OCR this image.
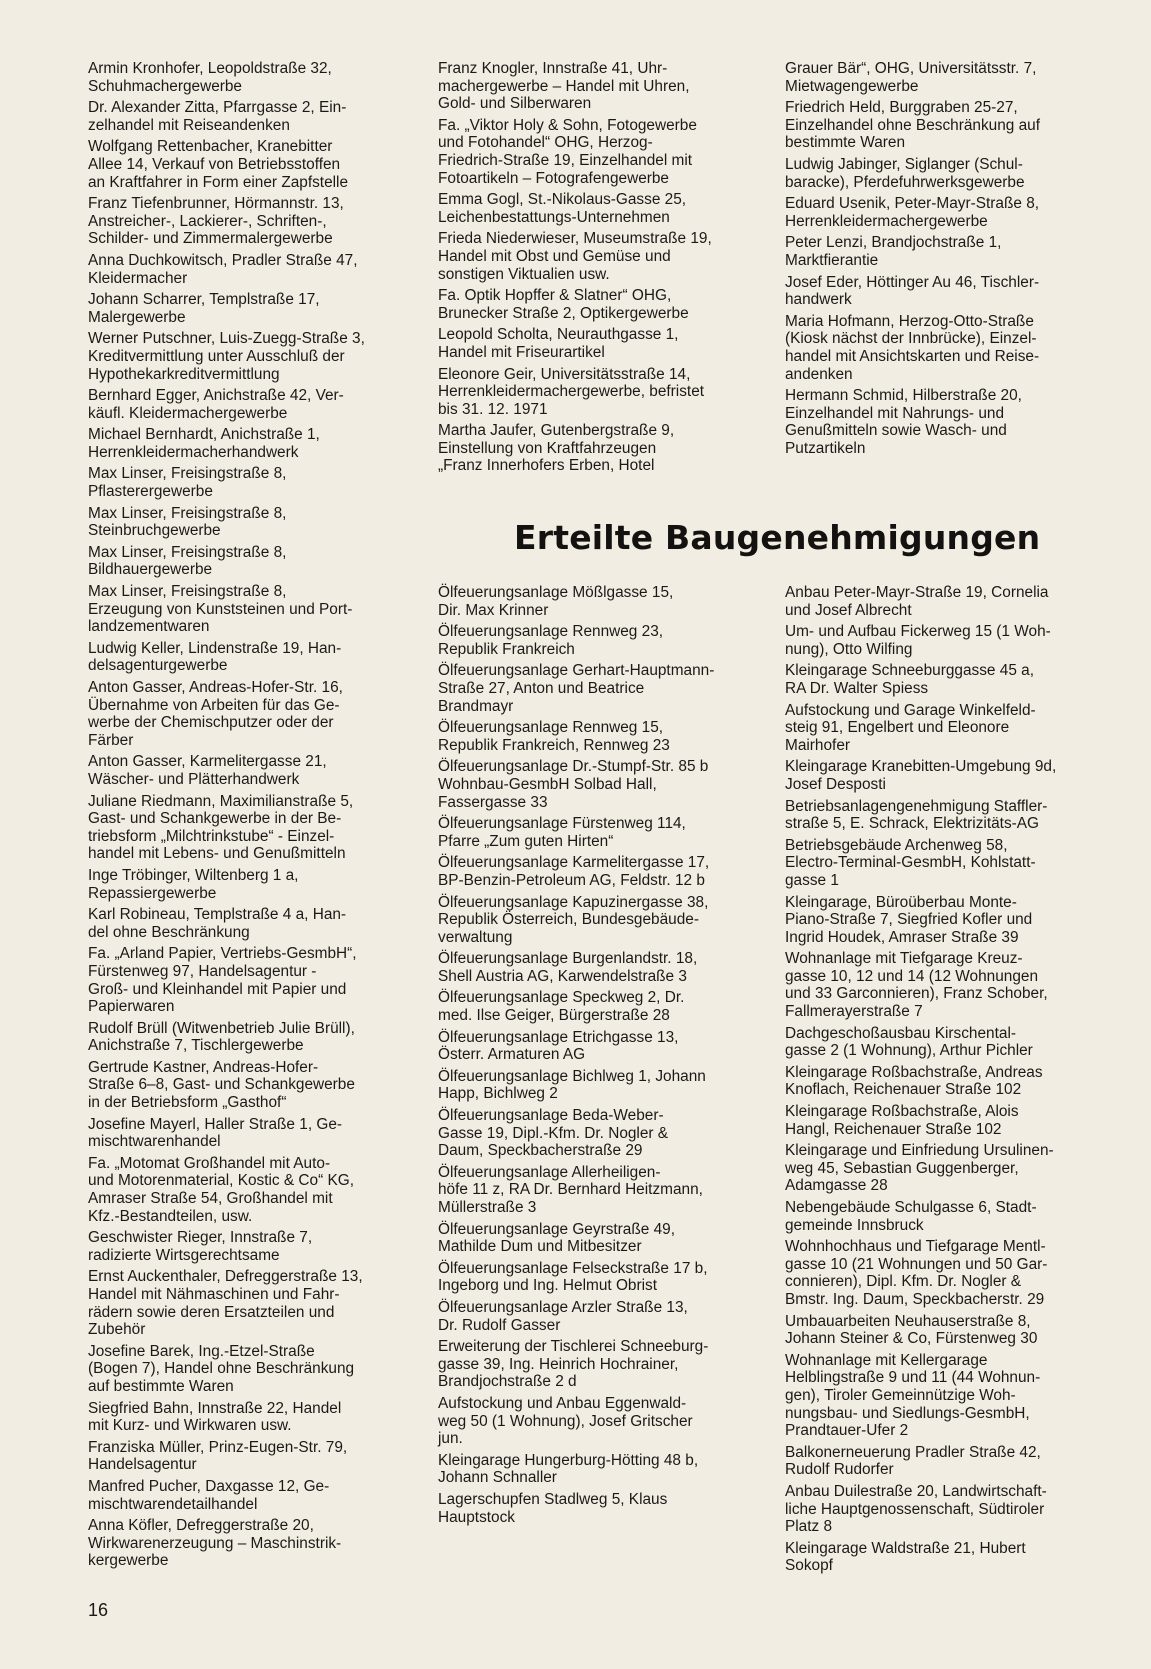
Armin Kronhofer, Leopoldstraße 32,
Schuhmachergewerbe
Dr. Alexander Zitta, Pfarrgasse 2, Ein-
zelhandel mit Reiseandenken
Wolfgang Rettenbacher, Kranebitter
Allee 14, Verkauf von Betriebsstoffen
an Kraftfahrer in Form einer Zapfstelle
Franz Tiefenbrunner, Hörmannstr. 13,
Anstreicher-, Lackierer-, Schriften-,
Schilder- und Zimmermalergewerbe
Anna Duchkowitsch, Pradler Straße 47,
Kleidermacher
Johann Scharrer, Templstraße 17,
Malergewerbe
Werner Putschner, Luis-Zuegg-Straße 3,
Kreditvermittlung unter Ausschluß der
Hypothekarkreditvermittlung
Bernhard Egger, Anichstraße 42, Ver-
käufl. Kleidermachergewerbe
Michael Bernhardt, Anichstraße 1,
Herrenkleidermacherhandwerk
Max Linser, Freisingstraße 8,
Pflasterergewerbe
Max Linser, Freisingstraße 8,
Steinbruchgewerbe
Max Linser, Freisingstraße 8,
Bildhauergewerbe
Max Linser, Freisingstraße 8,
Erzeugung von Kunststeinen und Port-
landzementwaren
Ludwig Keller, Lindenstraße 19, Han-
delsagenturgewerbe
Anton Gasser, Andreas-Hofer-Str. 16,
Übernahme von Arbeiten für das Ge-
werbe der Chemischputzer oder der
Färber
Anton Gasser, Karmelitergasse 21,
Wäscher- und Plätterhandwerk
Juliane Riedmann, Maximilianstraße 5,
Gast- und Schankgewerbe in der Be-
triebsform „Milchtrinkstube“ - Einzel-
handel mit Lebens- und Genußmitteln
Inge Tröbinger, Wiltenberg 1 a,
Repassiergewerbe
Karl Robineau, Templstraße 4 a, Han-
del ohne Beschränkung
Fa. „Arland Papier, Vertriebs-GesmbH“,
Fürstenweg 97, Handelsagentur -
Groß- und Kleinhandel mit Papier und
Papierwaren
Rudolf Brüll (Witwenbetrieb Julie Brüll),
Anichstraße 7, Tischlergewerbe
Gertrude Kastner, Andreas-Hofer-
Straße 6–8, Gast- und Schankgewerbe
in der Betriebsform „Gasthof“
Josefine Mayerl, Haller Straße 1, Ge-
mischtwarenhandel
Fa. „Motomat Großhandel mit Auto-
und Motorenmaterial, Kostic & Co“ KG,
Amraser Straße 54, Großhandel mit
Kfz.-Bestandteilen, usw.
Geschwister Rieger, Innstraße 7,
radizierte Wirtsgerechtsame
Ernst Auckenthaler, Defreggerstraße 13,
Handel mit Nähmaschinen und Fahr-
rädern sowie deren Ersatzteilen und
Zubehör
Josefine Barek, Ing.-Etzel-Straße
(Bogen 7), Handel ohne Beschränkung
auf bestimmte Waren
Siegfried Bahn, Innstraße 22, Handel
mit Kurz- und Wirkwaren usw.
Franziska Müller, Prinz-Eugen-Str. 79,
Handelsagentur
Manfred Pucher, Daxgasse 12, Ge-
mischtwarendetailhandel
Anna Köfler, Defreggerstraße 20,
Wirkwarenerzeugung – Maschinstrik-
kergewerbe
Franz Knogler, Innstraße 41, Uhr-
machergewerbe – Handel mit Uhren,
Gold- und Silberwaren
Fa. „Viktor Holy & Sohn, Fotogewerbe
und Fotohandel“ OHG, Herzog-
Friedrich-Straße 19, Einzelhandel mit
Fotoartikeln – Fotografengewerbe
Emma Gogl, St.-Nikolaus-Gasse 25,
Leichenbestattungs-Unternehmen
Frieda Niederwieser, Museumstraße 19,
Handel mit Obst und Gemüse und
sonstigen Viktualien usw.
Fa. Optik Hopffer & Slatner“ OHG,
Brunecker Straße 2, Optikergewerbe
Leopold Scholta, Neurauthgasse 1,
Handel mit Friseurartikel
Eleonore Geir, Universitätsstraße 14,
Herrenkleidermachergewerbe, befristet
bis 31. 12. 1971
Martha Jaufer, Gutenbergstraße 9,
Einstellung von Kraftfahrzeugen
„Franz Innerhofers Erben, Hotel
Grauer Bär“, OHG, Universitätsstr. 7,
Mietwagengewerbe
Friedrich Held, Burggraben 25-27,
Einzelhandel ohne Beschränkung auf
bestimmte Waren
Ludwig Jabinger, Siglanger (Schul-
baracke), Pferdefuhrwerksgewerbe
Eduard Usenik, Peter-Mayr-Straße 8,
Herrenkleidermachergewerbe
Peter Lenzi, Brandjochstraße 1,
Marktfierantie
Josef Eder, Höttinger Au 46, Tischler-
handwerk
Maria Hofmann, Herzog-Otto-Straße
(Kiosk nächst der Innbrücke), Einzel-
handel mit Ansichtskarten und Reise-
andenken
Hermann Schmid, Hilberstraße 20,
Einzelhandel mit Nahrungs- und
Genußmitteln sowie Wasch- und
Putzartikeln
Erteilte Baugenehmigungen
Ölfeuerungsanlage Mößlgasse 15,
Dir. Max Krinner
Ölfeuerungsanlage Rennweg 23,
Republik Frankreich
Ölfeuerungsanlage Gerhart-Hauptmann-
Straße 27, Anton und Beatrice
Brandmayr
Ölfeuerungsanlage Rennweg 15,
Republik Frankreich, Rennweg 23
Ölfeuerungsanlage Dr.-Stumpf-Str. 85 b
Wohnbau-GesmbH Solbad Hall,
Fassergasse 33
Ölfeuerungsanlage Fürstenweg 114,
Pfarre „Zum guten Hirten“
Ölfeuerungsanlage Karmelitergasse 17,
BP-Benzin-Petroleum AG, Feldstr. 12 b
Ölfeuerungsanlage Kapuzinergasse 38,
Republik Österreich, Bundesgebäude-
verwaltung
Ölfeuerungsanlage Burgenlandstr. 18,
Shell Austria AG, Karwendelstraße 3
Ölfeuerungsanlage Speckweg 2, Dr.
med. Ilse Geiger, Bürgerstraße 28
Ölfeuerungsanlage Etrichgasse 13,
Österr. Armaturen AG
Ölfeuerungsanlage Bichlweg 1, Johann
Happ, Bichlweg 2
Ölfeuerungsanlage Beda-Weber-
Gasse 19, Dipl.-Kfm. Dr. Nogler &
Daum, Speckbacherstraße 29
Ölfeuerungsanlage Allerheiligen-
höfe 11 z, RA Dr. Bernhard Heitzmann,
Müllerstraße 3
Ölfeuerungsanlage Geyrstraße 49,
Mathilde Dum und Mitbesitzer
Ölfeuerungsanlage Felseckstraße 17 b,
Ingeborg und Ing. Helmut Obrist
Ölfeuerungsanlage Arzler Straße 13,
Dr. Rudolf Gasser
Erweiterung der Tischlerei Schneeburg-
gasse 39, Ing. Heinrich Hochrainer,
Brandjochstraße 2 d
Aufstockung und Anbau Eggenwald-
weg 50 (1 Wohnung), Josef Gritscher
jun.
Kleingarage Hungerburg-Hötting 48 b,
Johann Schnaller
Lagerschupfen Stadlweg 5, Klaus
Hauptstock
Anbau Peter-Mayr-Straße 19, Cornelia
und Josef Albrecht
Um- und Aufbau Fickerweg 15 (1 Woh-
nung), Otto Wilfing
Kleingarage Schneeburggasse 45 a,
RA Dr. Walter Spiess
Aufstockung und Garage Winkelfeld-
steig 91, Engelbert und Eleonore
Mairhofer
Kleingarage Kranebitten-Umgebung 9d,
Josef Desposti
Betriebsanlagengenehmigung Staffler-
straße 5, E. Schrack, Elektrizitäts-AG
Betriebsgebäude Archenweg 58,
Electro-Terminal-GesmbH, Kohlstatt-
gasse 1
Kleingarage, Büroüberbau Monte-
Piano-Straße 7, Siegfried Kofler und
Ingrid Houdek, Amraser Straße 39
Wohnanlage mit Tiefgarage Kreuz-
gasse 10, 12 und 14 (12 Wohnungen
und 33 Garconnieren), Franz Schober,
Fallmerayerstraße 7
Dachgeschoßausbau Kirschental-
gasse 2 (1 Wohnung), Arthur Pichler
Kleingarage Roßbachstraße, Andreas
Knoflach, Reichenauer Straße 102
Kleingarage Roßbachstraße, Alois
Hangl, Reichenauer Straße 102
Kleingarage und Einfriedung Ursulinen-
weg 45, Sebastian Guggenberger,
Adamgasse 28
Nebengebäude Schulgasse 6, Stadt-
gemeinde Innsbruck
Wohnhochhaus und Tiefgarage Mentl-
gasse 10 (21 Wohnungen und 50 Gar-
connieren), Dipl. Kfm. Dr. Nogler &
Bmstr. Ing. Daum, Speckbacherstr. 29
Umbauarbeiten Neuhauserstraße 8,
Johann Steiner & Co, Fürstenweg 30
Wohnanlage mit Kellergarage
Helblingstraße 9 und 11 (44 Wohnun-
gen), Tiroler Gemeinnützige Woh-
nungsbau- und Siedlungs-GesmbH,
Prandtauer-Ufer 2
Balkonerneuerung Pradler Straße 42,
Rudolf Rudorfer
Anbau Duilestraße 20, Landwirtschaft-
liche Hauptgenossenschaft, Südtiroler
Platz 8
Kleingarage Waldstraße 21, Hubert
Sokopf
16
